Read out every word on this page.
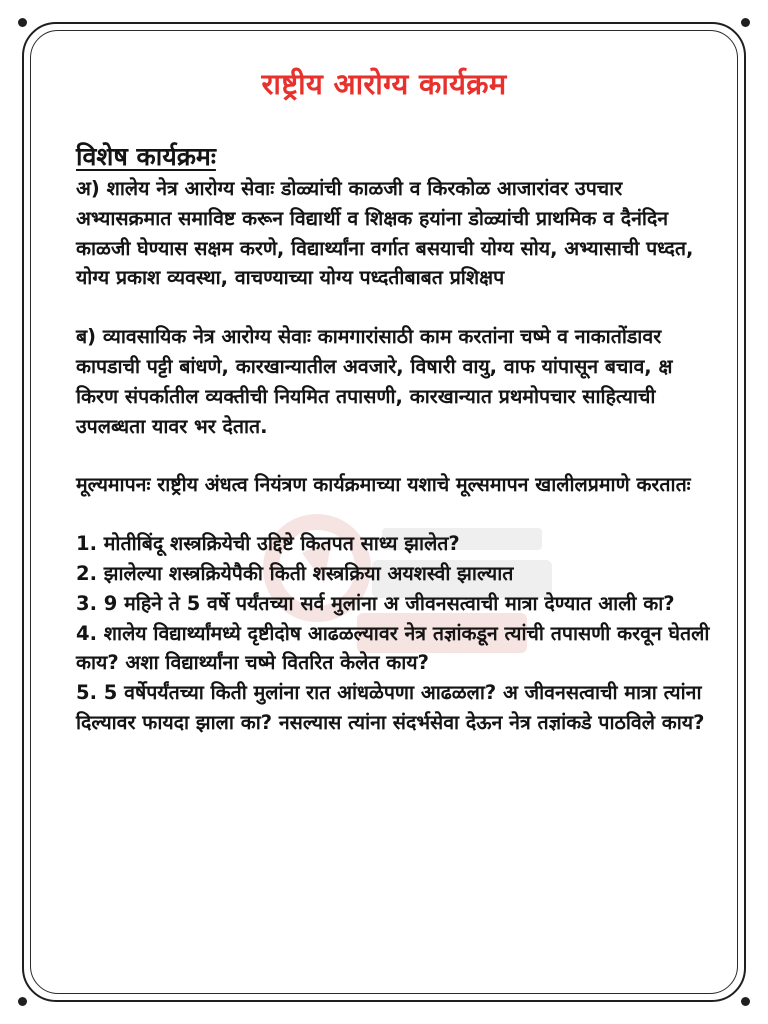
राष्ट्रीय आरोग्य कार्यक्रम

विशेष कार्यक्रमः

अ) शालेय नेत्र आरोग्य सेवाः डोळ्यांची काळजी व किरकोळ आजारांवर उपचार अभ्यासक्रमात समाविष्ट करून विद्यार्थी व शिक्षक हयांना डोळ्यांची प्राथमिक व दैनंदिन काळजी घेण्यास सक्षम करणे, विद्यार्थ्यांना वर्गात बसयाची योग्य सोय, अभ्यासाची पध्दत, योग्य प्रकाश व्यवस्था, वाचण्याच्या योग्य पध्दतीबाबत प्रशिक्षप

ब) व्यावसायिक नेत्र आरोग्य सेवाः कामगारांसाठी काम करतांना चष्मे व नाकातोंडावर कापडाची पट्टी बांधणे, कारखान्यातील अवजारे, विषारी वायु, वाफ यांपासून बचाव, क्ष किरण संपर्कातील व्यक्तीची नियमित तपासणी, कारखान्यात प्रथमोपचार साहित्याची उपलब्धता यावर भर देतात.

मूल्यमापनः राष्ट्रीय अंधत्व नियंत्रण कार्यक्रमाच्या यशाचे मूल्समापन खालीलप्रमाणे करतातः

1. मोतीबिंदू शस्त्रक्रियेची उद्दिष्टे कितपत साध्य झालेत?
2. झालेल्या शस्त्रक्रियेपैकी किती शस्त्रक्रिया अयशस्वी झाल्यात
3. 9 महिने ते 5 वर्षे पर्यंतच्या सर्व मुलांना अ जीवनसत्वाची मात्रा देण्यात आली का?
4. शालेय विद्यार्थ्यांमध्ये दृष्टीदोष आढळल्यावर नेत्र तज्ञांकडून त्यांची तपासणी करवून घेतली काय? अशा विद्यार्थ्यांना चष्मे वितरित केलेत काय?
5. 5 वर्षेपर्यंतच्या किती मुलांना रात आंधळेपणा आढळला? अ जीवनसत्वाची मात्रा त्यांना दिल्यावर फायदा झाला का? नसल्यास त्यांना संदर्भसेवा देऊन नेत्र तज्ञांकडे पाठविले काय?
